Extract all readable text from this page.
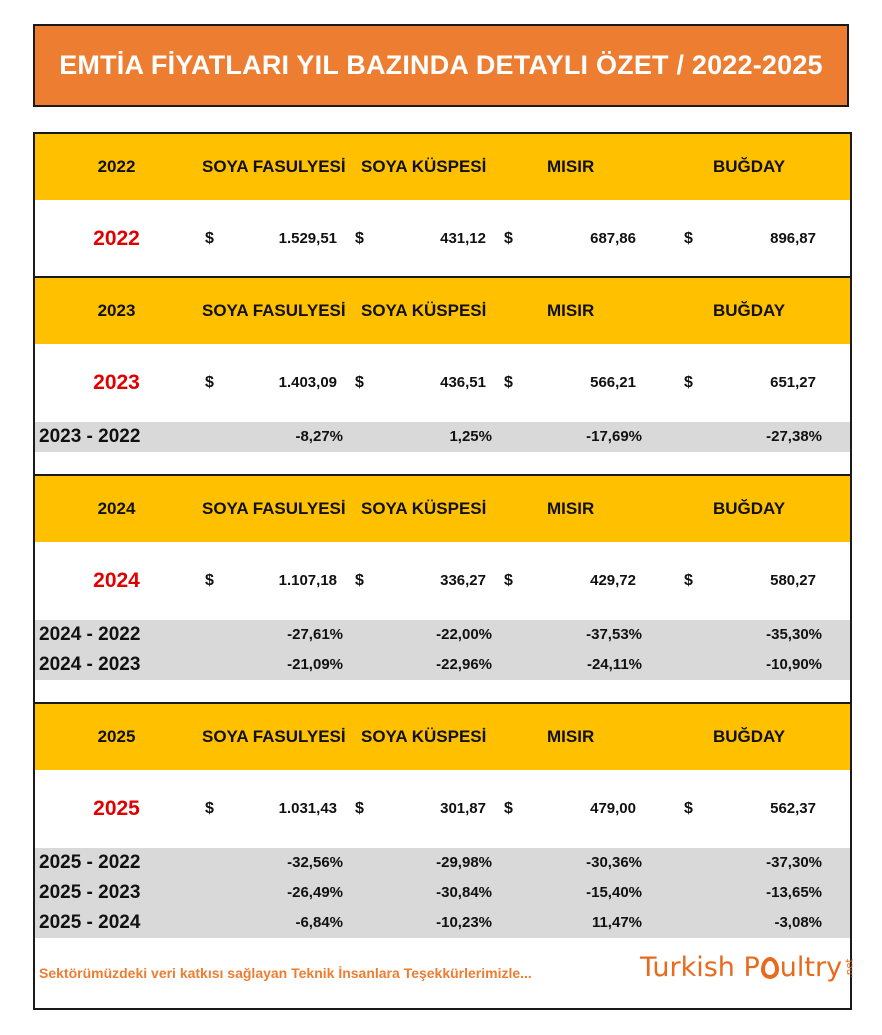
EMTİA FİYATLARI YIL BAZINDA DETAYLI ÖZET / 2022-2025
2022	SOYA FASULYESİ SOYA KÜSPESİ	MISIR	BUĞDAY
2022	$	1.529,51 $	431,12 $	687,86	$	896,87
2023	SOYA FASULYESİ SOYA KÜSPESİ	MISIR	BUĞDAY
2023	$	1.403,09 $	436,51 $	566,21	$	651,27
2023 - 2022	-8,27%	1,25%	-17,69%	-27,38%
2024	SOYA FASULYESİ SOYA KÜSPESİ	MISIR	BUĞDAY
2024	$	1.107,18 $	336,27 $	429,72	$	580,27
2024 - 2022	-27,61%	-22,00%	-37,53%	-35,30%
2024 - 2023	-21,09%	-22,96%	-24,11%	-10,90%
2025	SOYA FASULYESİ SOYA KÜSPESİ	MISIR	BUĞDAY
2025	$	1.031,43 $	301,87 $	479,00	$	562,37
2025 - 2022	-32,56%	-29,98%	-30,36%	-37,30%
2025 - 2023	-26,49%	-30,84%	-15,40%	-13,65%
2025 - 2024	-6,84%	-10,23%	11,47%	-3,08%
Sektörümüzdeki veri katkısı sağlayan Teknik İnsanlara Teşekkürlerimizle...	Turkish P ultry .net
